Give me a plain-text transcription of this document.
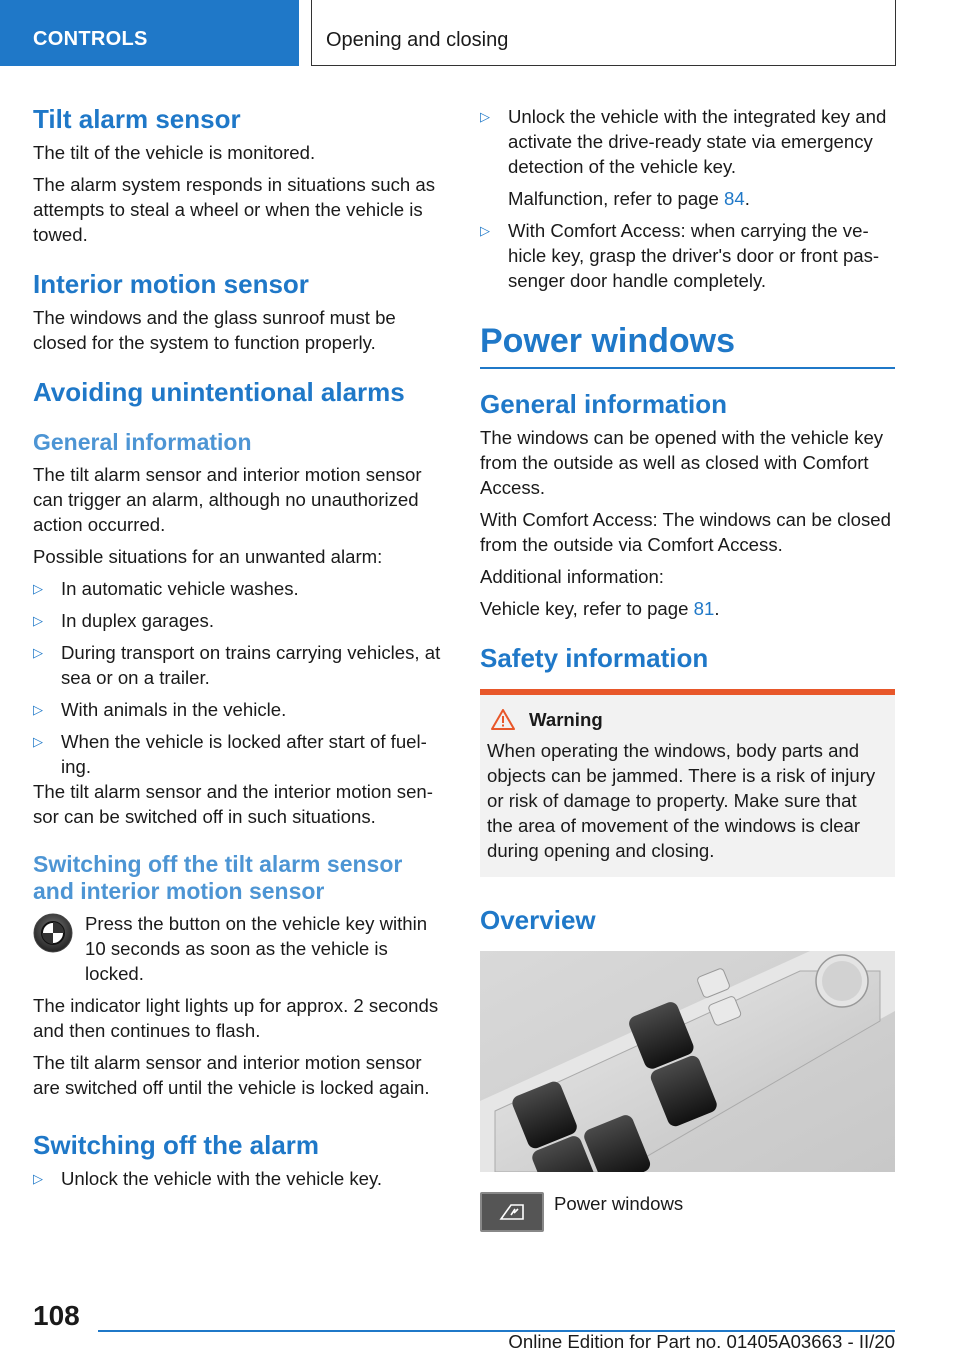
CONTROLS	Opening and closing
Tilt alarm sensor
The tilt of the vehicle is monitored.
The alarm system responds in situations such as attempts to steal a wheel or when the vehicle is towed.
Interior motion sensor
The windows and the glass sunroof must be closed for the system to function properly.
Avoiding unintentional alarms
General information
The tilt alarm sensor and interior motion sensor can trigger an alarm, although no unauthorized action occurred.
Possible situations for an unwanted alarm:
▷ In automatic vehicle washes.
▷ In duplex garages.
▷ During transport on trains carrying vehicles, at sea or on a trailer.
▷ With animals in the vehicle.
▷ When the vehicle is locked after start of fueling.
The tilt alarm sensor and the interior motion sensor can be switched off in such situations.
Switching off the tilt alarm sensor and interior motion sensor
Press the button on the vehicle key within 10 seconds as soon as the vehicle is locked.
The indicator light lights up for approx. 2 seconds and then continues to flash.
The tilt alarm sensor and interior motion sensor are switched off until the vehicle is locked again.
Switching off the alarm
▷ Unlock the vehicle with the vehicle key.
▷ Unlock the vehicle with the integrated key and activate the drive-ready state via emergency detection of the vehicle key.
Malfunction, refer to page 84.
▷ With Comfort Access: when carrying the vehicle key, grasp the driver's door or front passenger door handle completely.
Power windows
General information
The windows can be opened with the vehicle key from the outside as well as closed with Comfort Access.
With Comfort Access: The windows can be closed from the outside via Comfort Access.
Additional information:
Vehicle key, refer to page 81.
Safety information
Warning
When operating the windows, body parts and objects can be jammed. There is a risk of injury or risk of damage to property. Make sure that the area of movement of the windows is clear during opening and closing.
Overview
Power windows
108
Online Edition for Part no. 01405A03663 - II/20
